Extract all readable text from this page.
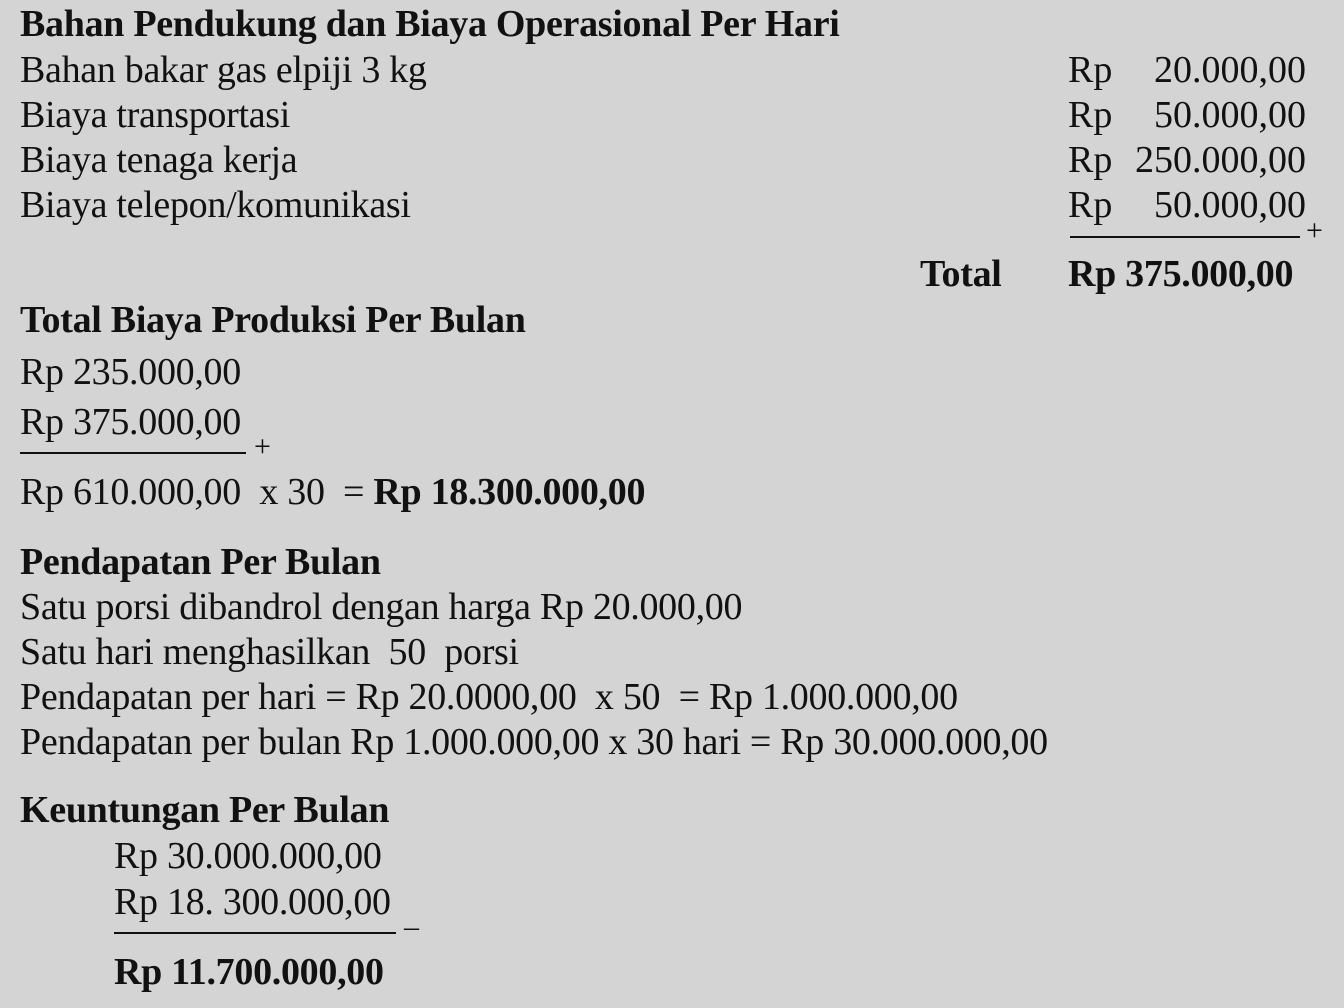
Bahan Pendukung dan Biaya Operasional Per Hari
Bahan bakar gas elpiji 3 kg	Rp 20.000,00
Biaya transportasi	Rp 50.000,00
Biaya tenaga kerja	Rp 250.000,00
Biaya telepon/komunikasi	Rp 50.000,00
+
Total Rp 375.000,00
Total Biaya Produksi Per Bulan
Rp 235.000,00
Rp 375.000,00
+
Rp 610.000,00  x 30  = Rp 18.300.000,00
Pendapatan Per Bulan
Satu porsi dibandrol dengan harga Rp 20.000,00
Satu hari menghasilkan  50  porsi
Pendapatan per hari = Rp 20.0000,00  x 50  = Rp 1.000.000,00
Pendapatan per bulan Rp 1.000.000,00 x 30 hari = Rp 30.000.000,00
Keuntungan Per Bulan
Rp 30.000.000,00
Rp 18. 300.000,00
–
Rp 11.700.000,00
